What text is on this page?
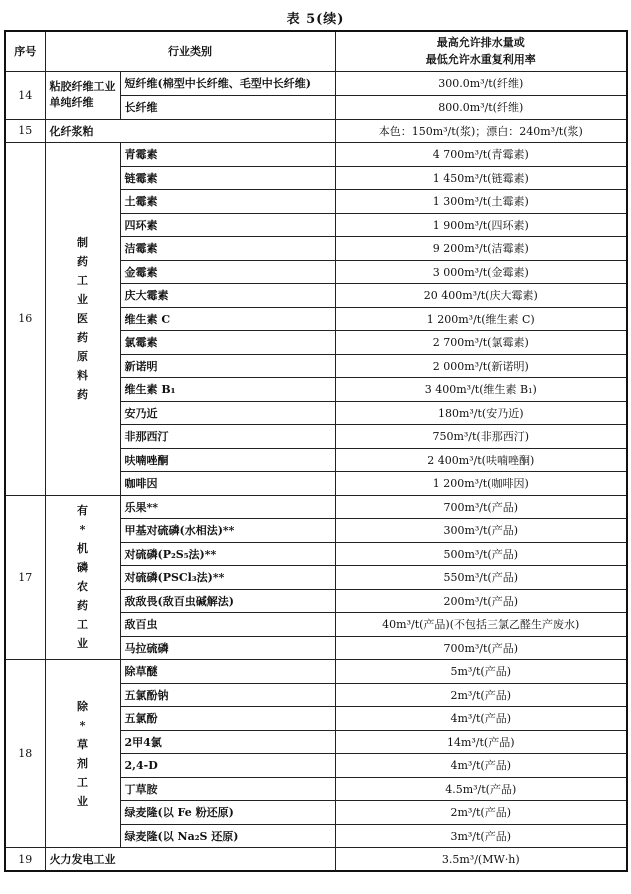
表 5(续)
序号	行业类别		最高允许排水量或
最低允许水重复利用率

14	粘胶纤维工业单纯纤维	短纤维(棉型中长纤维、毛型中长纤维)	300.0m³/t(纤维)
		长纤维	800.0m³/t(纤维)
15	化纤浆粕		本色：150m³/t(浆)；漂白：240m³/t(浆)
16	制药工业医药原料药	青霉素	4 700m³/t(青霉素)
		链霉素	1 450m³/t(链霉素)
		土霉素	1 300m³/t(土霉素)
		四环素	1 900m³/t(四环素)
		洁霉素	9 200m³/t(洁霉素)
		金霉素	3 000m³/t(金霉素)
		庆大霉素	20 400m³/t(庆大霉素)
		维生素 C	1 200m³/t(维生素 C)
		氯霉素	2 700m³/t(氯霉素)
		新诺明	2 000m³/t(新诺明)
		维生素 B₁	3 400m³/t(维生素 B₁)
		安乃近	180m³/t(安乃近)
		非那西汀	750m³/t(非那西汀)
		呋喃唑酮	2 400m³/t(呋喃唑酮)
		咖啡因	1 200m³/t(咖啡因)
17	有*机磷农药工业	乐果**	700m³/t(产品)
		甲基对硫磷(水相法)**	300m³/t(产品)
		对硫磷(P₂S₅法)**	500m³/t(产品)
		对硫磷(PSCl₃法)**	550m³/t(产品)
		敌敌畏(敌百虫碱解法)	200m³/t(产品)
		敌百虫	40m³/t(产品)(不包括三氯乙醛生产废水)
		马拉硫磷	700m³/t(产品)
18	除*草剂工业	除草醚	5m³/t(产品)
		五氯酚钠	2m³/t(产品)
		五氯酚	4m³/t(产品)
		2甲4氯	14m³/t(产品)
		2,4-D	4m³/t(产品)
		丁草胺	4.5m³/t(产品)
		绿麦隆(以 Fe 粉还原)	2m³/t(产品)
		绿麦隆(以 Na₂S 还原)	3m³/t(产品)
19	火力发电工业		3.5m³/(MW·h)
